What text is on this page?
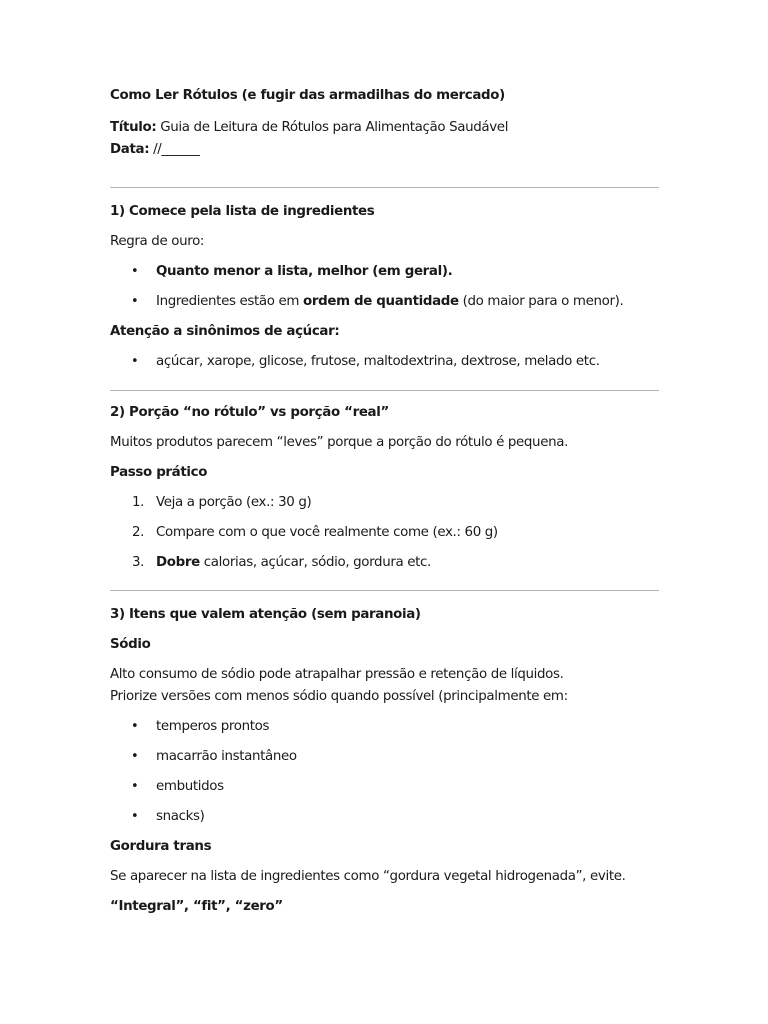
Como Ler Rótulos (e fugir das armadilhas do mercado)

Título: Guia de Leitura de Rótulos para Alimentação Saudável

Data: //______

1) Comece pela lista de ingredientes

Regra de ouro:

• Quanto menor a lista, melhor (em geral).
• Ingredientes estão em ordem de quantidade (do maior para o menor).

Atenção a sinônimos de açúcar:

• açúcar, xarope, glicose, frutose, maltodextrina, dextrose, melado etc.

2) Porção “no rótulo” vs porção “real”

Muitos produtos parecem “leves” porque a porção do rótulo é pequena.

Passo prático

1. Veja a porção (ex.: 30 g)
2. Compare com o que você realmente come (ex.: 60 g)
3. Dobre calorias, açúcar, sódio, gordura etc.

3) Itens que valem atenção (sem paranoia)

Sódio

Alto consumo de sódio pode atrapalhar pressão e retenção de líquidos.

Priorize versões com menos sódio quando possível (principalmente em:

• temperos prontos
• macarrão instantâneo
• embutidos
• snacks)

Gordura trans

Se aparecer na lista de ingredientes como “gordura vegetal hidrogenada”, evite.

“Integral”, “fit”, “zero”
